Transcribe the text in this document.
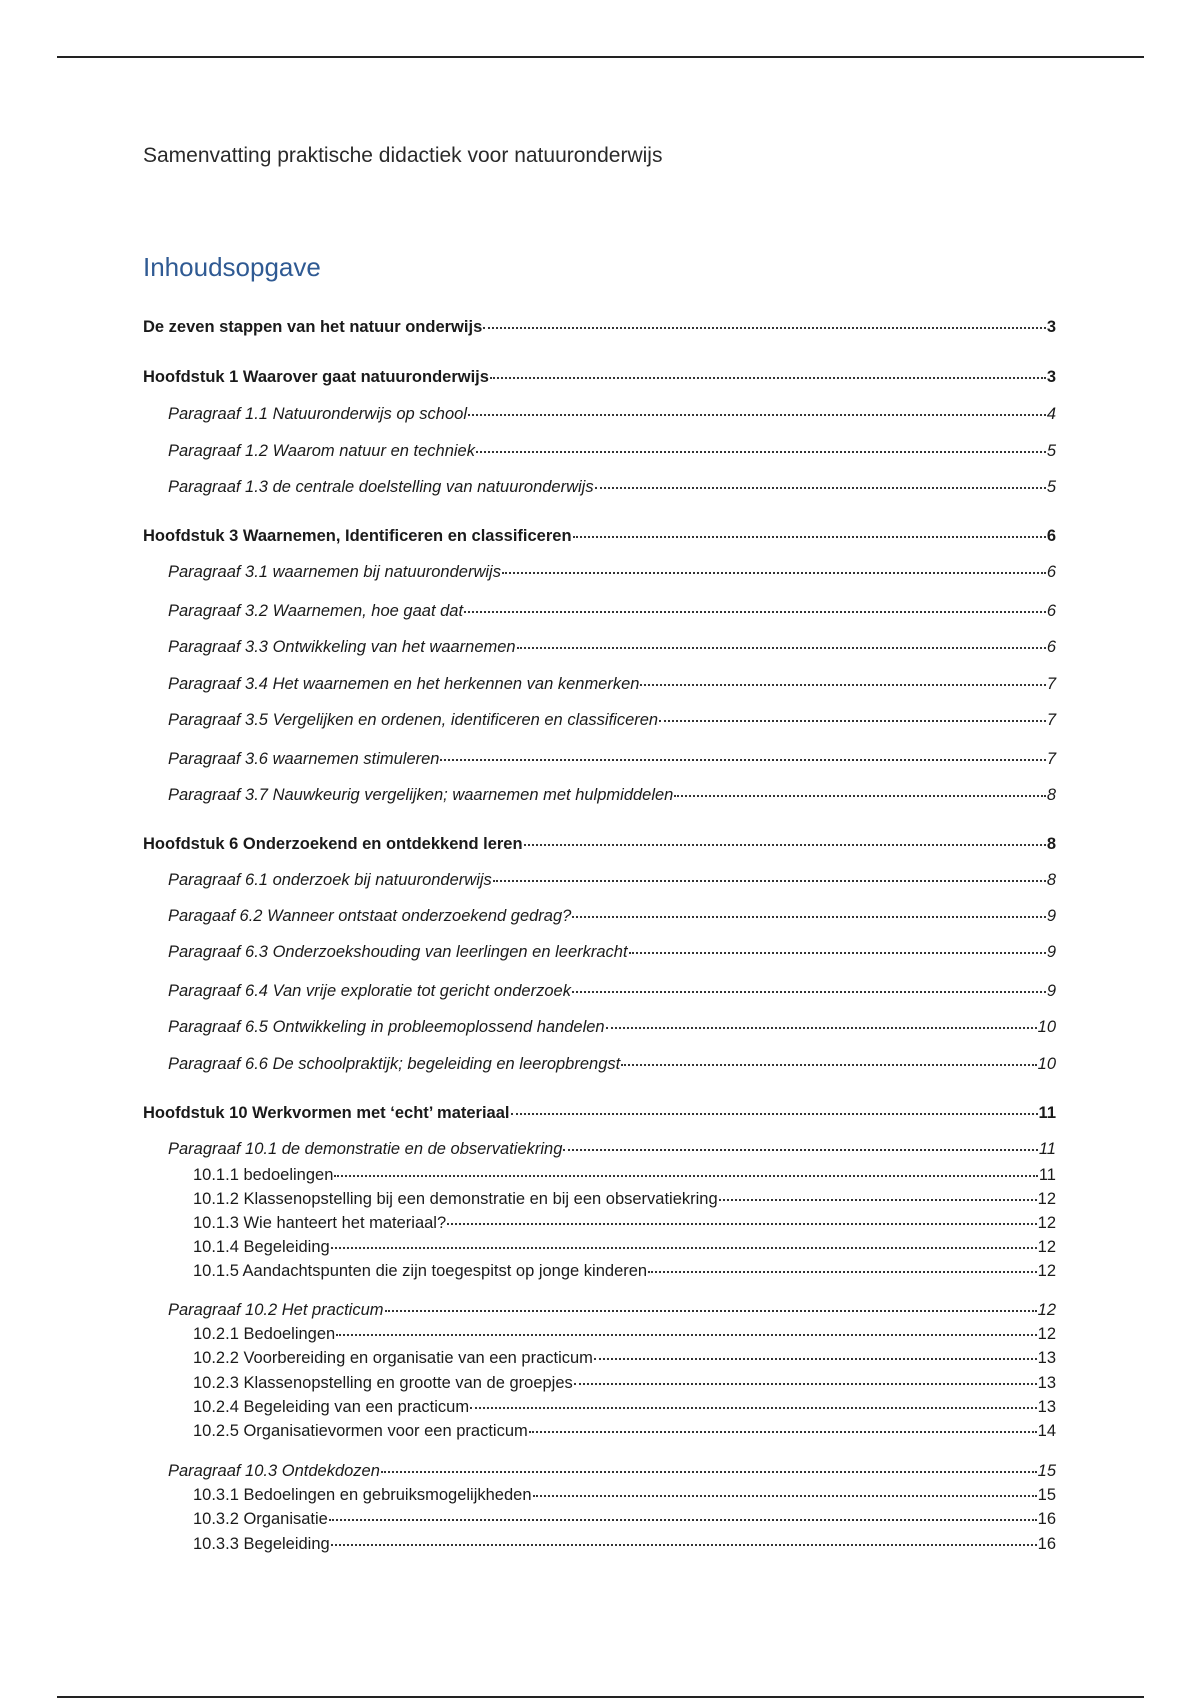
Samenvatting praktische didactiek voor natuuronderwijs
Inhoudsopgave
De zeven stappen van het natuur onderwijs	3
Hoofdstuk 1 Waarover gaat natuuronderwijs	3
Paragraaf 1.1 Natuuronderwijs op school	4
Paragraaf 1.2 Waarom natuur en techniek	5
Paragraaf 1.3 de centrale doelstelling van natuuronderwijs	5
Hoofdstuk 3 Waarnemen, Identificeren en classificeren	6
Paragraaf 3.1 waarnemen bij natuuronderwijs	6
Paragraaf 3.2 Waarnemen, hoe gaat dat	6
Paragraaf 3.3 Ontwikkeling van het waarnemen	6
Paragraaf 3.4 Het waarnemen en het herkennen van kenmerken	7
Paragraaf 3.5 Vergelijken en ordenen, identificeren en classificeren	7
Paragraaf 3.6 waarnemen stimuleren	7
Paragraaf 3.7 Nauwkeurig vergelijken; waarnemen met hulpmiddelen	8
Hoofdstuk 6 Onderzoekend en ontdekkend leren	8
Paragraaf 6.1 onderzoek bij natuuronderwijs	8
Paragaaf 6.2 Wanneer ontstaat onderzoekend gedrag?	9
Paragraaf 6.3 Onderzoekshouding van leerlingen en leerkracht	9
Paragraaf 6.4 Van vrije exploratie tot gericht onderzoek	9
Paragraaf 6.5 Ontwikkeling in probleemoplossend handelen	10
Paragraaf 6.6 De schoolpraktijk; begeleiding en leeropbrengst	10
Hoofdstuk 10 Werkvormen met ‘echt’ materiaal	11
Paragraaf 10.1 de demonstratie en de observatiekring	11
10.1.1 bedoelingen	11
10.1.2 Klassenopstelling bij een demonstratie en bij een observatiekring	12
10.1.3 Wie hanteert het materiaal?	12
10.1.4 Begeleiding	12
10.1.5 Aandachtspunten die zijn toegespitst op jonge kinderen	12
Paragraaf 10.2 Het practicum	12
10.2.1 Bedoelingen	12
10.2.2 Voorbereiding en organisatie van een practicum	13
10.2.3 Klassenopstelling en grootte van de groepjes	13
10.2.4 Begeleiding van een practicum	13
10.2.5 Organisatievormen voor een practicum	14
Paragraaf 10.3 Ontdekdozen	15
10.3.1 Bedoelingen en gebruiksmogelijkheden	15
10.3.2 Organisatie	16
10.3.3 Begeleiding	16
